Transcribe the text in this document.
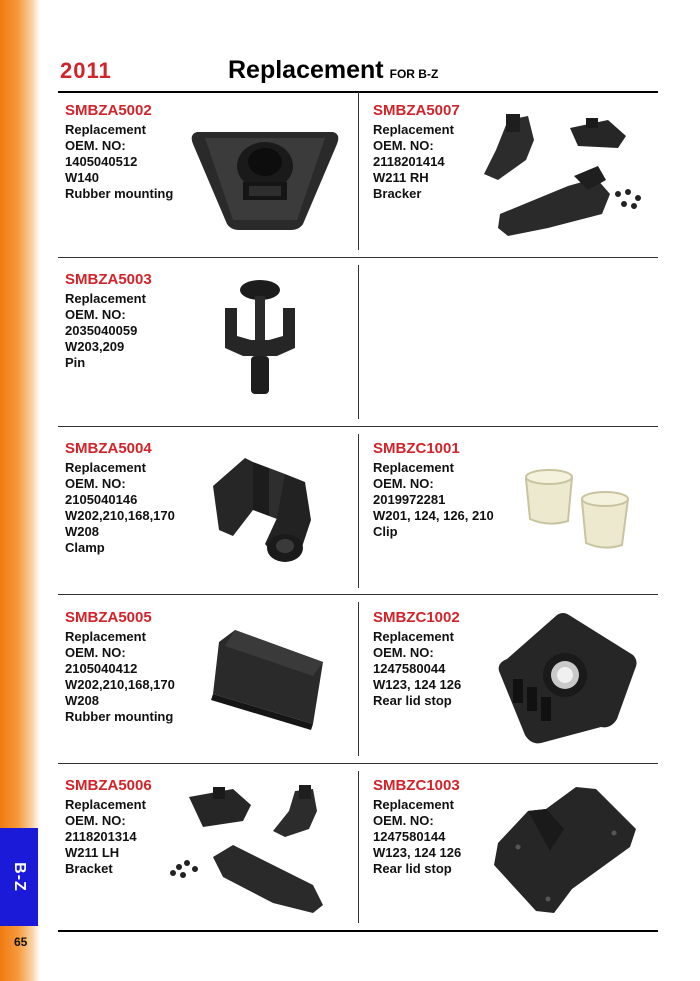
B-Z
65
2011	Replacement FOR B-Z
SMBZA5002
Replacement
OEM. NO:
1405040512
W140
Rubber mounting
SMBZA5007
Replacement
OEM. NO:
2118201414
W211 RH
Bracker
SMBZA5003
Replacement
OEM. NO:
2035040059
W203,209
Pin
SMBZA5004
Replacement
OEM. NO:
2105040146
W202,210,168,170
W208
Clamp
SMBZC1001
Replacement
OEM. NO:
2019972281
W201, 124, 126, 210
Clip
SMBZA5005
Replacement
OEM. NO:
2105040412
W202,210,168,170
W208
Rubber mounting
SMBZC1002
Replacement
OEM. NO:
1247580044
W123, 124 126
Rear lid stop
SMBZA5006
Replacement
OEM. NO:
2118201314
W211 LH
Bracket
SMBZC1003
Replacement
OEM. NO:
1247580144
W123, 124 126
Rear lid stop
